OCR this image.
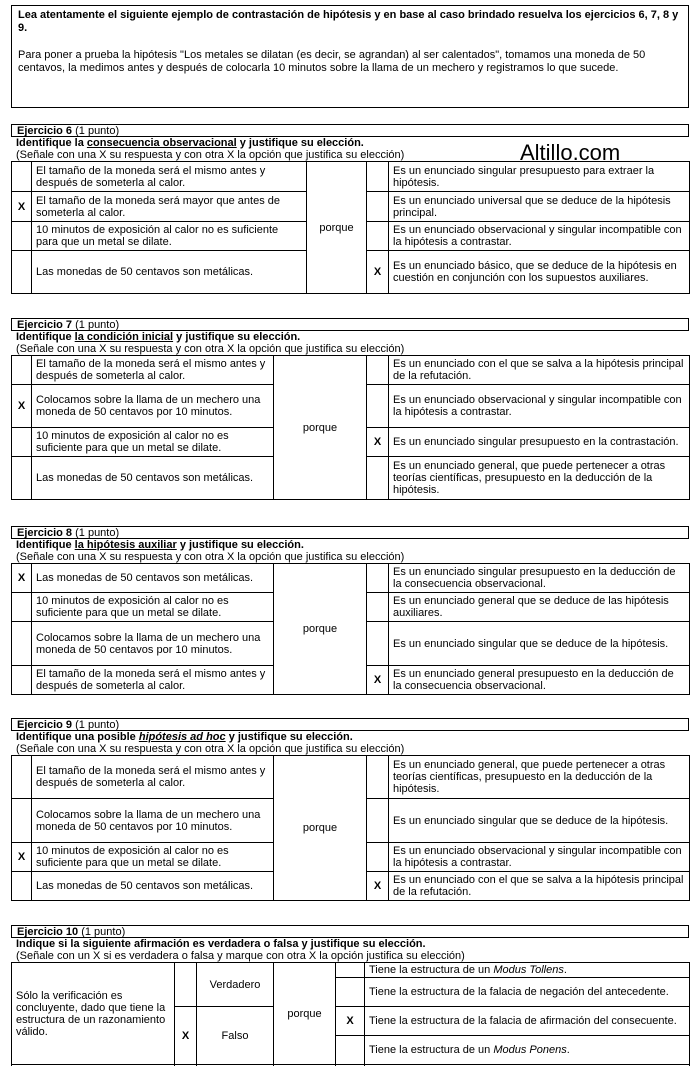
Lea atentamente el siguiente ejemplo de contrastación de hipótesis y en base al caso brindado resuelva los ejercicios 6, 7, 8 y 9.
Para poner a prueba la hipótesis "Los metales se dilatan (es decir, se agrandan) al ser calentados", tomamos una moneda de 50 centavos, la medimos antes y después de colocarla 10 minutos sobre la llama de un mechero y registramos lo que sucede.
Altillo.com
Ejercicio 6 (1 punto)
Identifique la consecuencia observacional y justifique su elección.
(Señale con una X su respuesta y con otra X la opción que justifica su elección)
	El tamaño de la moneda será el mismo antes y después de someterla al calor.	porque		Es un enunciado singular presupuesto para extraer la hipótesis.
X	El tamaño de la moneda será mayor que antes de someterla al calor.			Es un enunciado universal que se deduce de la hipótesis principal.
	10 minutos de exposición al calor no es suficiente para que un metal se dilate.			Es un enunciado observacional y singular incompatible con la hipótesis a contrastar.
	Las monedas de 50 centavos son metálicas.		X	Es un enunciado básico, que se deduce de la hipótesis en cuestión en conjunción con los supuestos auxiliares.
Ejercicio 7 (1 punto)
Identifique la condición inicial y justifique su elección.
(Señale con una X su respuesta y con otra X la opción que justifica su elección)
	El tamaño de la moneda será el mismo antes y después de someterla al calor.	porque		Es un enunciado con el que se salva a la hipótesis principal de la refutación.
X	Colocamos sobre la llama de un mechero una moneda de 50 centavos por 10 minutos.			Es un enunciado observacional y singular incompatible con la hipótesis a contrastar.
	10 minutos de exposición al calor no es suficiente para que un metal se dilate.		X	Es un enunciado singular presupuesto en la contrastación.
	Las monedas de 50 centavos son metálicas.			Es un enunciado general, que puede pertenecer a otras teorías científicas, presupuesto en la deducción de la hipótesis.
Ejercicio 8 (1 punto)
Identifique la hipótesis auxiliar y justifique su elección.
(Señale con una X su respuesta y con otra X la opción que justifica su elección)
X	Las monedas de 50 centavos son metálicas.	porque		Es un enunciado singular presupuesto en la deducción de la consecuencia observacional.
	10 minutos de exposición al calor no es suficiente para que un metal se dilate.			Es un enunciado general que se deduce de las hipótesis auxiliares.
	Colocamos sobre la llama de un mechero una moneda de 50 centavos por 10 minutos.			Es un enunciado singular que se deduce de la hipótesis.
	El tamaño de la moneda será el mismo antes y después de someterla al calor.		X	Es un enunciado general presupuesto en la deducción de la consecuencia observacional.
Ejercicio 9 (1 punto)
Identifique una posible hipótesis ad hoc y justifique su elección.
(Señale con una X su respuesta y con otra X la opción que justifica su elección)
	El tamaño de la moneda será el mismo antes y después de someterla al calor.	porque		Es un enunciado general, que puede pertenecer a otras teorías científicas, presupuesto en la deducción de la hipótesis.
	Colocamos sobre la llama de un mechero una moneda de 50 centavos por 10 minutos.			Es un enunciado singular que se deduce de la hipótesis.
X	10 minutos de exposición al calor no es suficiente para que un metal se dilate.			Es un enunciado observacional y singular incompatible con la hipótesis a contrastar.
	Las monedas de 50 centavos son metálicas.		X	Es un enunciado con el que se salva a la hipótesis principal de la refutación.
Ejercicio 10 (1 punto)
Indique si la siguiente afirmación es verdadera o falsa y justifique su elección.
(Señale con un X si es verdadera o falsa y marque con otra X la opción justifica su elección)
Sólo la verificación es concluyente, dado que tiene la estructura de un razonamiento válido.		Verdadero	porque		Tiene la estructura de un Modus Tollens.
					Tiene la estructura de la falacia de negación del antecedente.
	X	Falso		X	Tiene la estructura de la falacia de afirmación del consecuente.
					Tiene la estructura de un Modus Ponens.
